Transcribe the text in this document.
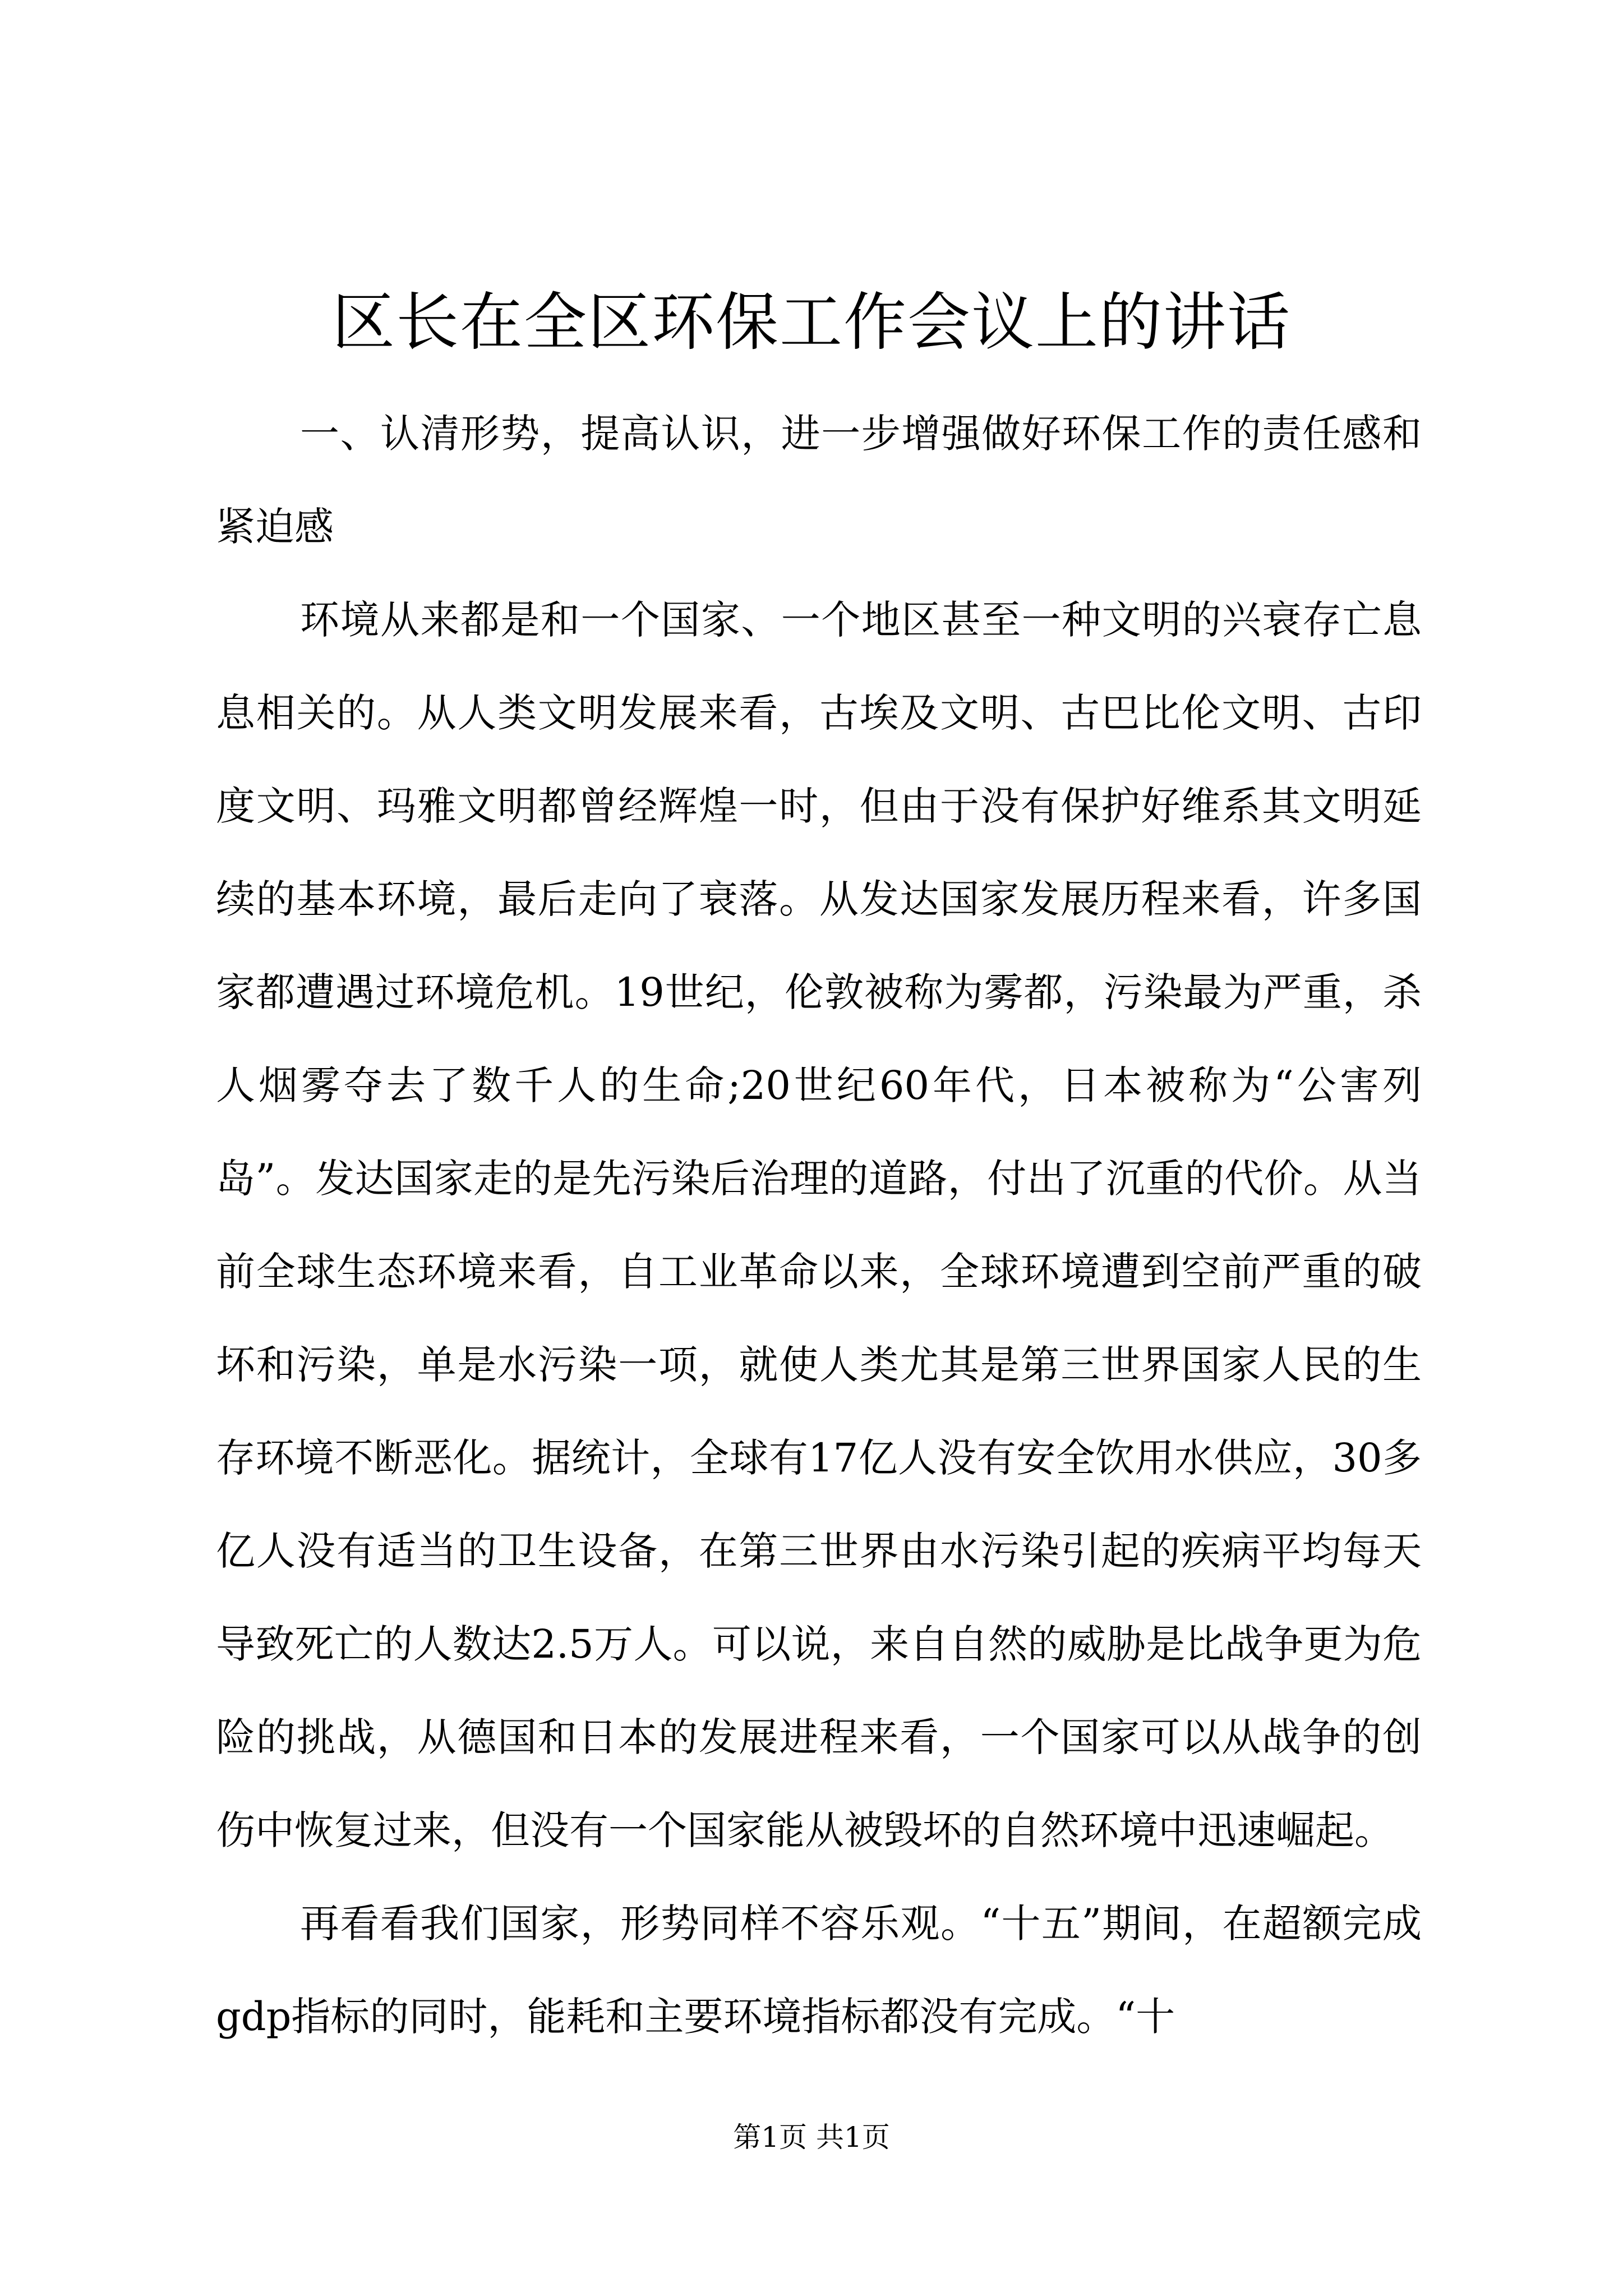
区长在全区环保工作会议上的讲话

一、认清形势，提高认识，进一步增强做好环保工作的责任感和紧迫感

环境从来都是和一个国家、一个地区甚至一种文明的兴衰存亡息息相关的。从人类文明发展来看，古埃及文明、古巴比伦文明、古印度文明、玛雅文明都曾经辉煌一时，但由于没有保护好维系其文明延续的基本环境，最后走向了衰落。从发达国家发展历程来看，许多国家都遭遇过环境危机。19世纪，伦敦被称为雾都，污染最为严重，杀人烟雾夺去了数千人的生命;20世纪60年代，日本被称为“公害列岛”。发达国家走的是先污染后治理的道路，付出了沉重的代价。从当前全球生态环境来看，自工业革命以来，全球环境遭到空前严重的破坏和污染，单是水污染一项，就使人类尤其是第三世界国家人民的生存环境不断恶化。据统计，全球有17亿人没有安全饮用水供应，30多亿人没有适当的卫生设备，在第三世界由水污染引起的疾病平均每天导致死亡的人数达2.5万人。可以说，来自自然的威胁是比战争更为危险的挑战，从德国和日本的发展进程来看，一个国家可以从战争的创伤中恢复过来，但没有一个国家能从被毁坏的自然环境中迅速崛起。

再看看我们国家，形势同样不容乐观。“十五”期间，在超额完成gdp指标的同时，能耗和主要环境指标都没有完成。“十

第1页 共1页
